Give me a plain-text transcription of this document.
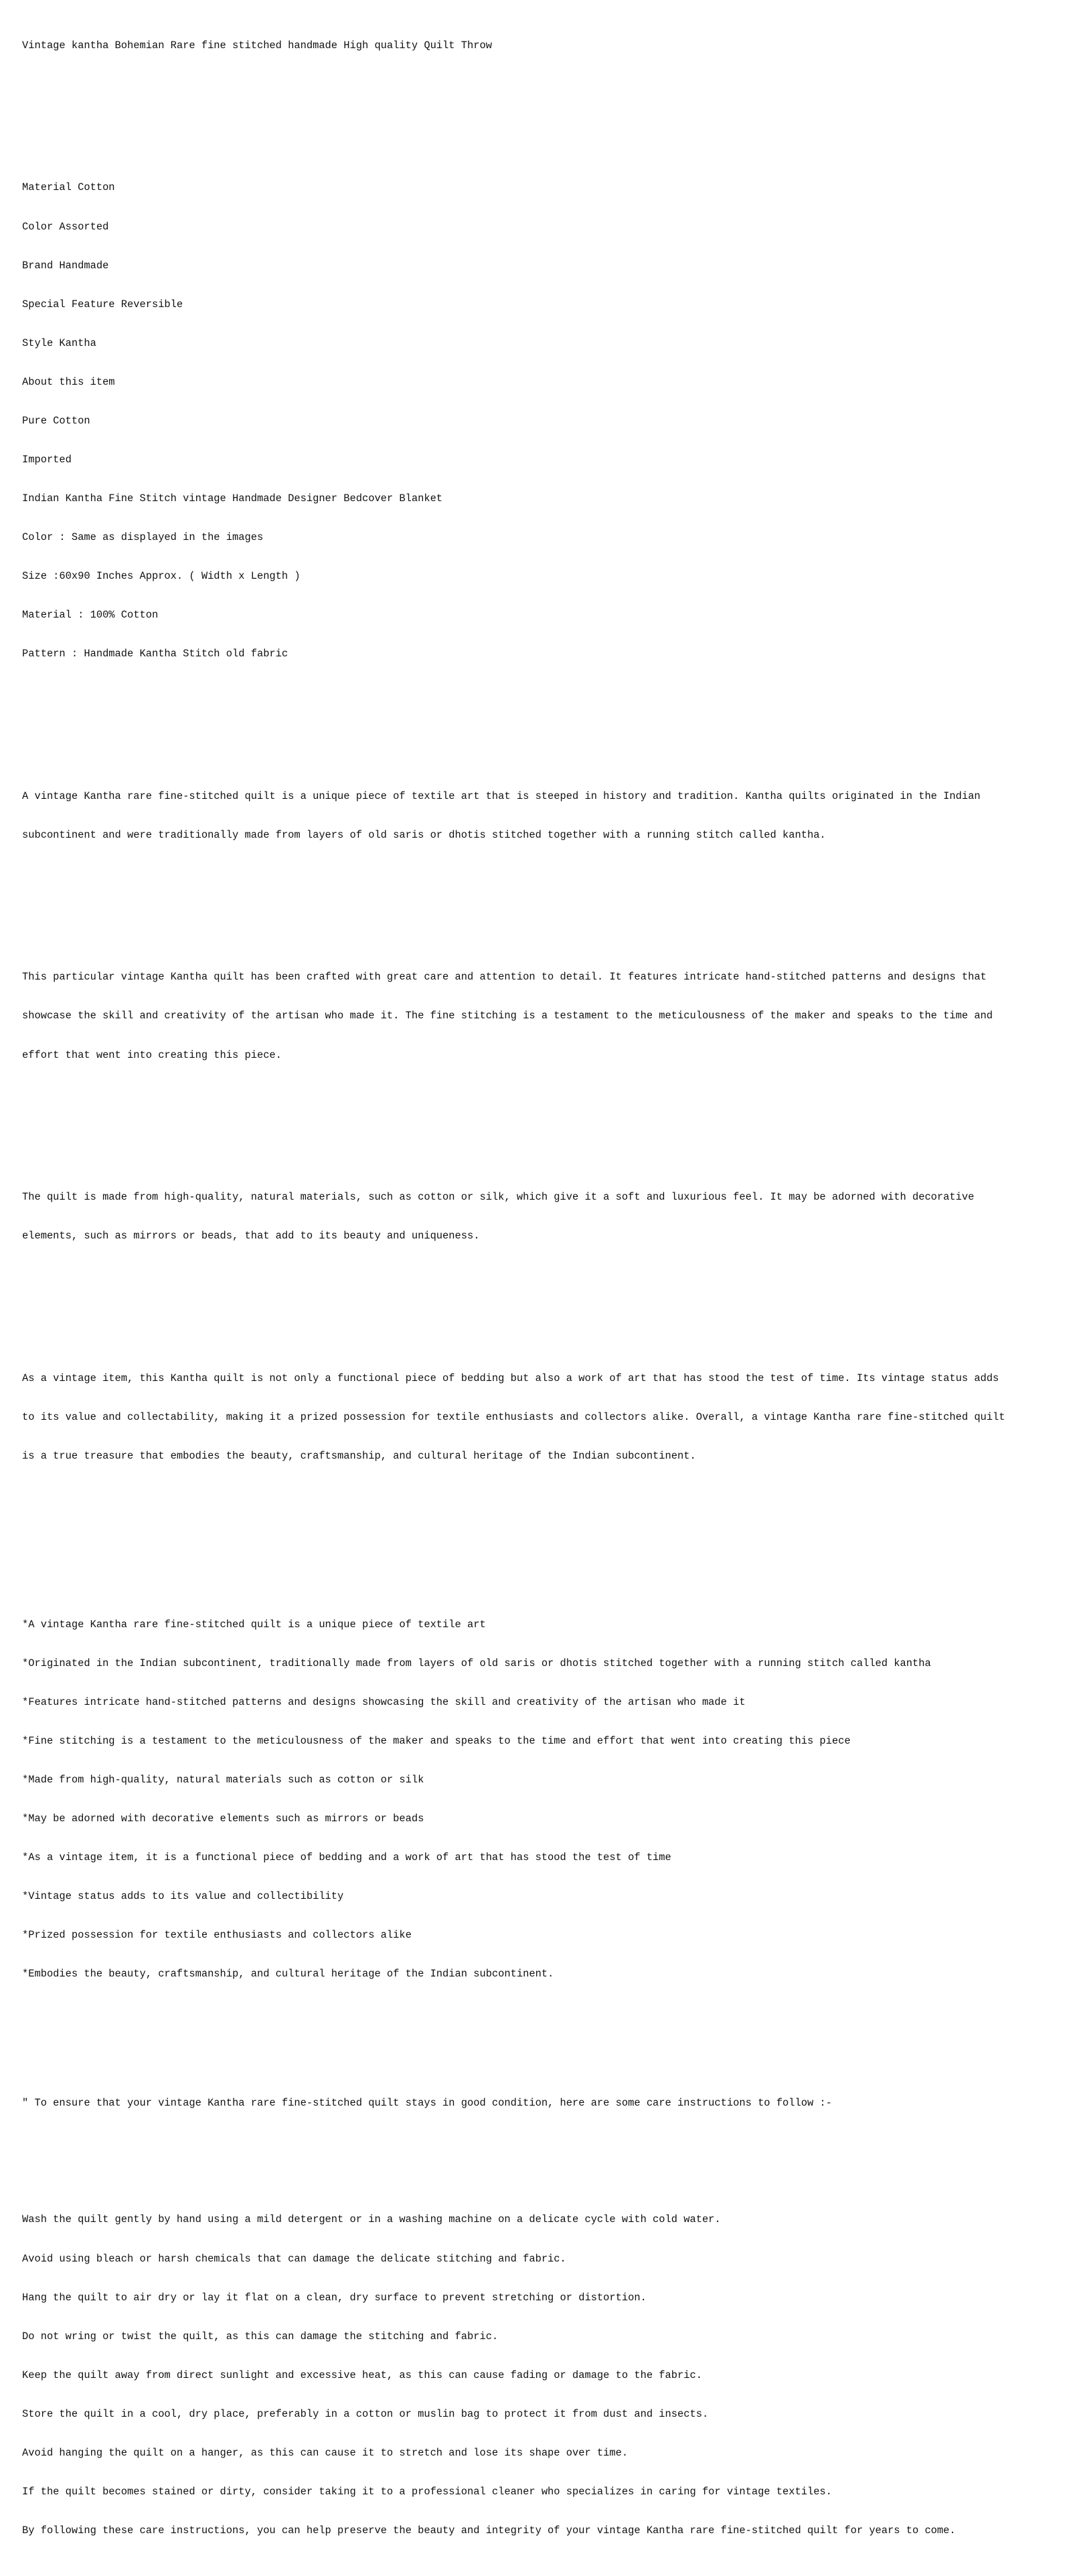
Vintage kantha Bohemian Rare fine stitched handmade High quality Quilt Throw

Material Cotton

Color Assorted

Brand Handmade

Special Feature Reversible

Style Kantha

About this item

Pure Cotton

Imported

Indian Kantha Fine Stitch vintage Handmade Designer Bedcover Blanket

Color : Same as displayed in the images

Size :60x90 Inches Approx. ( Width x Length )

Material : 100% Cotton

Pattern : Handmade Kantha Stitch old fabric

A vintage Kantha rare fine-stitched quilt is a unique piece of textile art that is steeped in history and tradition. Kantha quilts originated in the Indian

subcontinent and were traditionally made from layers of old saris or dhotis stitched together with a running stitch called kantha.

This particular vintage Kantha quilt has been crafted with great care and attention to detail. It features intricate hand-stitched patterns and designs that

showcase the skill and creativity of the artisan who made it. The fine stitching is a testament to the meticulousness of the maker and speaks to the time and

effort that went into creating this piece.

The quilt is made from high-quality, natural materials, such as cotton or silk, which give it a soft and luxurious feel. It may be adorned with decorative

elements, such as mirrors or beads, that add to its beauty and uniqueness.

As a vintage item, this Kantha quilt is not only a functional piece of bedding but also a work of art that has stood the test of time. Its vintage status adds

to its value and collectability, making it a prized possession for textile enthusiasts and collectors alike. Overall, a vintage Kantha rare fine-stitched quilt

is a true treasure that embodies the beauty, craftsmanship, and cultural heritage of the Indian subcontinent.

*A vintage Kantha rare fine-stitched quilt is a unique piece of textile art

*Originated in the Indian subcontinent, traditionally made from layers of old saris or dhotis stitched together with a running stitch called kantha

*Features intricate hand-stitched patterns and designs showcasing the skill and creativity of the artisan who made it

*Fine stitching is a testament to the meticulousness of the maker and speaks to the time and effort that went into creating this piece

*Made from high-quality, natural materials such as cotton or silk

*May be adorned with decorative elements such as mirrors or beads

*As a vintage item, it is a functional piece of bedding and a work of art that has stood the test of time

*Vintage status adds to its value and collectibility

*Prized possession for textile enthusiasts and collectors alike

*Embodies the beauty, craftsmanship, and cultural heritage of the Indian subcontinent.

" To ensure that your vintage Kantha rare fine-stitched quilt stays in good condition, here are some care instructions to follow :-

Wash the quilt gently by hand using a mild detergent or in a washing machine on a delicate cycle with cold water.

Avoid using bleach or harsh chemicals that can damage the delicate stitching and fabric.

Hang the quilt to air dry or lay it flat on a clean, dry surface to prevent stretching or distortion.

Do not wring or twist the quilt, as this can damage the stitching and fabric.

Keep the quilt away from direct sunlight and excessive heat, as this can cause fading or damage to the fabric.

Store the quilt in a cool, dry place, preferably in a cotton or muslin bag to protect it from dust and insects.

Avoid hanging the quilt on a hanger, as this can cause it to stretch and lose its shape over time.

If the quilt becomes stained or dirty, consider taking it to a professional cleaner who specializes in caring for vintage textiles.

By following these care instructions, you can help preserve the beauty and integrity of your vintage Kantha rare fine-stitched quilt for years to come.
